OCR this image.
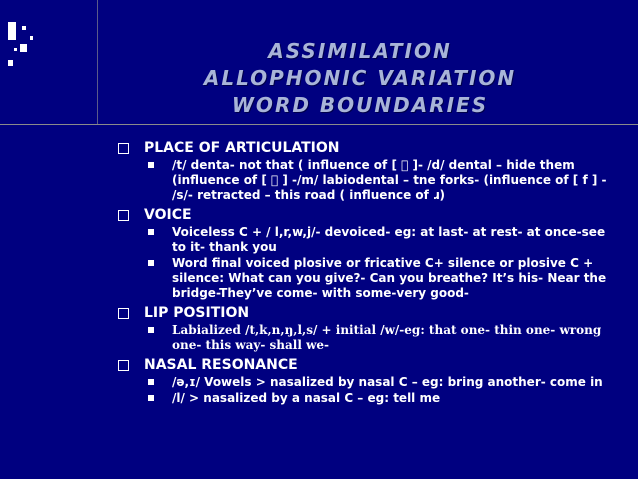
ASSIMILATION
ALLOPHONIC VARIATION
WORD BOUNDARIES
PLACE OF ARTICULATION
/t/ denta- not that ( influence of [   ]- /d/ dental – hide them (influence of [   ] -/m/ labiodental – tne forks- (influence of [ f ] - /s/- retracted – this road ( influence of ɹ)
VOICE
Voiceless C + / l,r,w,j/- devoiced- eg: at last- at rest- at once-see to it- thank you
Word final voiced plosive or fricative C+ silence or plosive C + silence: What can you give?- Can you breathe? It’s his- Near the bridge-They’ve come- with some-very good-
LIP POSITION
Labialized /t,k,n,ŋ,l,s/ + initial /w/-eg: that one- thin one- wrong one- this way- shall we-
NASAL RESONANCE
/ə,ɪ/ Vowels > nasalized by nasal C – eg: bring another- come in
/l/ > nasalized by a nasal C – eg: tell me
